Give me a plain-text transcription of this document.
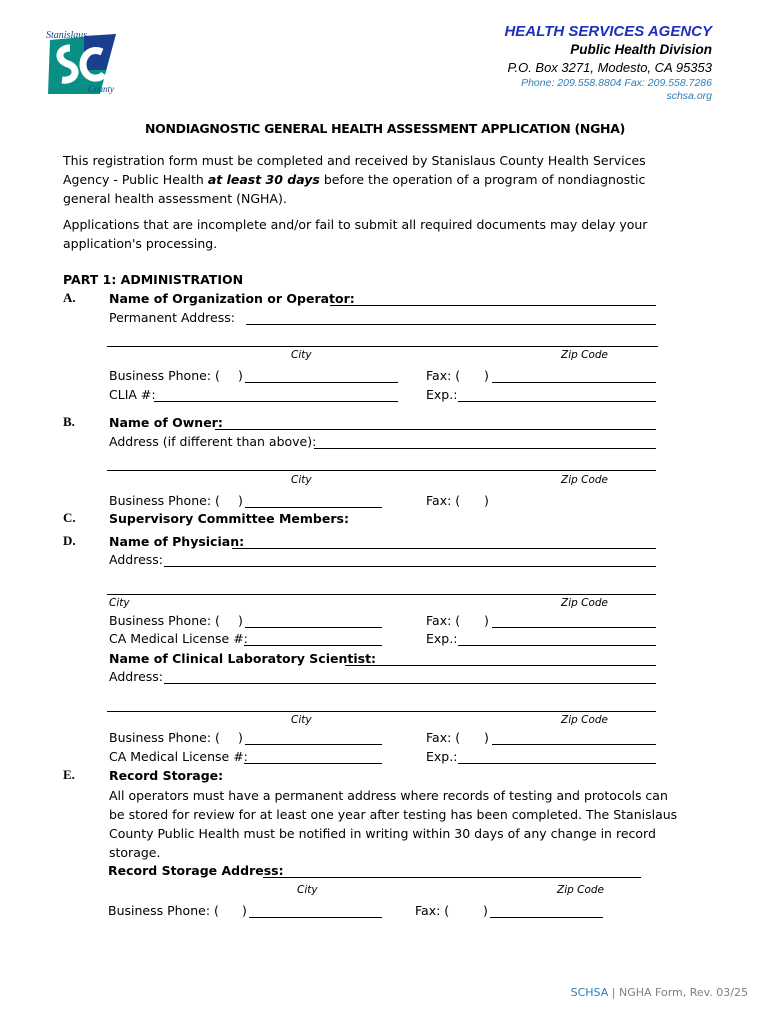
Stanislaus
County
HEALTH SERVICES AGENCY
Public Health Division
P.O. Box 3271, Modesto, CA 95353
Phone: 209.558.8804 Fax: 209.558.7286
schsa.org
NONDIAGNOSTIC GENERAL HEALTH ASSESSMENT APPLICATION (NGHA)
This registration form must be completed and received by Stanislaus County Health Services Agency - Public Health at least 30 days before the operation of a program of nondiagnostic general health assessment (NGHA).
Applications that are incomplete and/or fail to submit all required documents may delay your application's processing.
PART 1: ADMINISTRATION
A.	Name of Organization or Operator:
Permanent Address:
City	Zip Code
Business Phone: ( )	Fax: ( )
CLIA #:	Exp.:
B.	Name of Owner:
Address (if different than above):
City	Zip Code
Business Phone: ( )	Fax: ( )
C.	Supervisory Committee Members:
D.	Name of Physician:
Address:
City	Zip Code
Business Phone: ( )	Fax: ( )
CA Medical License #:	Exp.:
Name of Clinical Laboratory Scientist:
Address:
City	Zip Code
Business Phone: ( )	Fax: ( )
CA Medical License #:	Exp.:
E.	Record Storage:
All operators must have a permanent address where records of testing and protocols can be stored for review for at least one year after testing has been completed. The Stanislaus County Public Health must be notified in writing within 30 days of any change in record storage.
Record Storage Address:
City	Zip Code
Business Phone: ( )	Fax: (	)
SCHSA | NGHA Form, Rev. 03/25
